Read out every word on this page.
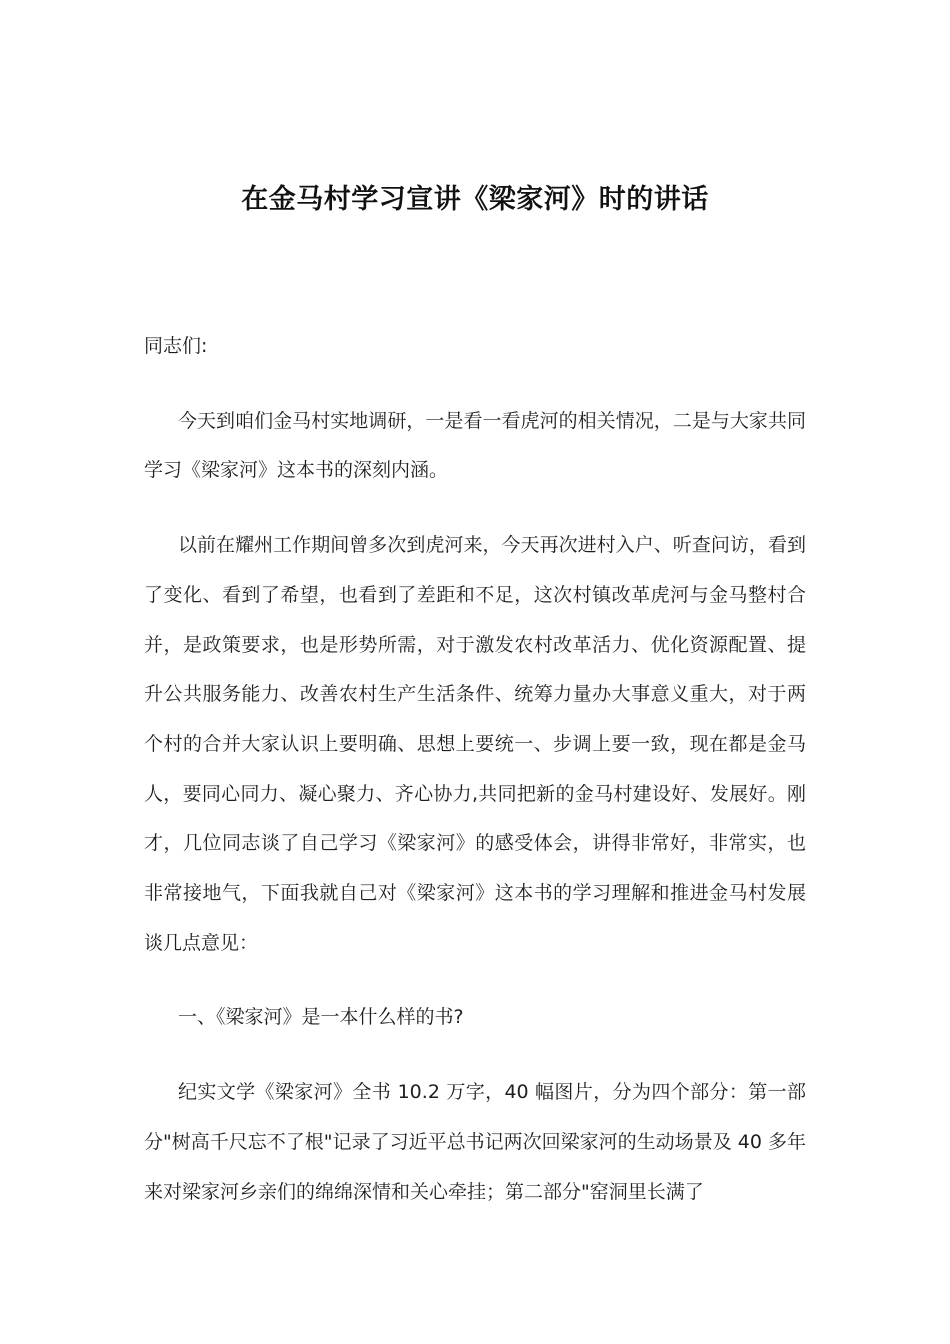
在金马村学习宣讲《梁家河》时的讲话

同志们:

今天到咱们金马村实地调研，一是看一看虎河的相关情况，二是与大家共同学习《梁家河》这本书的深刻内涵。

以前在耀州工作期间曾多次到虎河来，今天再次进村入户、听查问访，看到了变化、看到了希望，也看到了差距和不足，这次村镇改革虎河与金马整村合并，是政策要求，也是形势所需，对于激发农村改革活力、优化资源配置、提升公共服务能力、改善农村生产生活条件、统筹力量办大事意义重大，对于两个村的合并大家认识上要明确、思想上要统一、步调上要一致，现在都是金马人，要同心同力、凝心聚力、齐心协力,共同把新的金马村建设好、发展好。刚才，几位同志谈了自己学习《梁家河》的感受体会，讲得非常好，非常实，也非常接地气，下面我就自己对《梁家河》这本书的学习理解和推进金马村发展谈几点意见：

一、《梁家河》是一本什么样的书?

纪实文学《梁家河》全书 10.2 万字，40 幅图片，分为四个部分：第一部分"树高千尺忘不了根"记录了习近平总书记两次回梁家河的生动场景及 40 多年来对梁家河乡亲们的绵绵深情和关心牵挂；第二部分"窑洞里长满了
